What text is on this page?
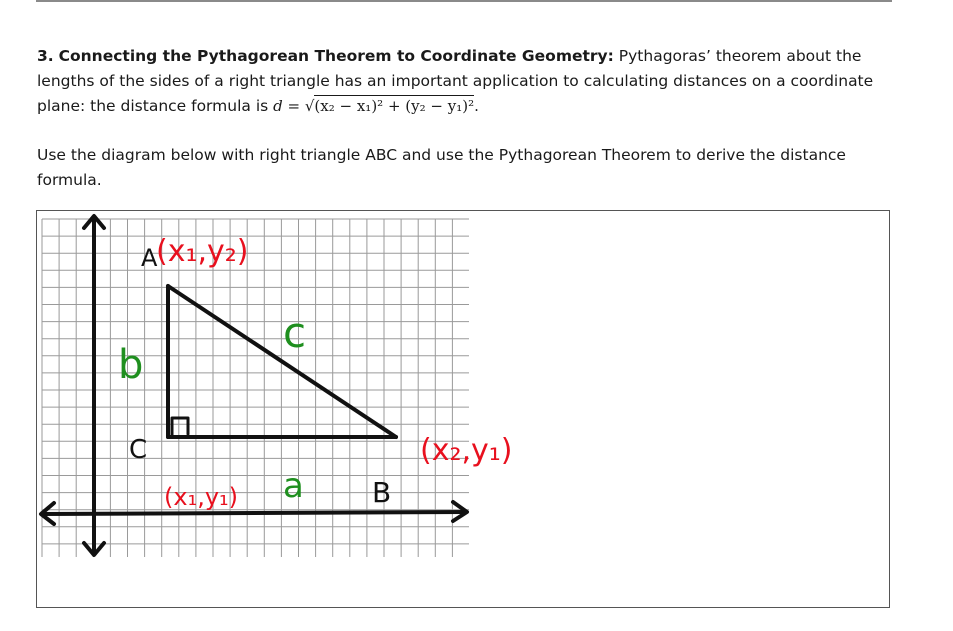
3. Connecting the Pythagorean Theorem to Coordinate Geometry: Pythagoras’ theorem about the lengths of the sides of a right triangle has an important application to calculating distances on a coordinate plane: the distance formula is d = √(x₂ − x₁)² + (y₂ − y₁)².

Use the diagram below with right triangle ABC and use the Pythagorean Theorem to derive the distance formula.

A
B
C
b
c
a
(x₁,y₂)
(x₂,y₁)
(x₁,y₁)
